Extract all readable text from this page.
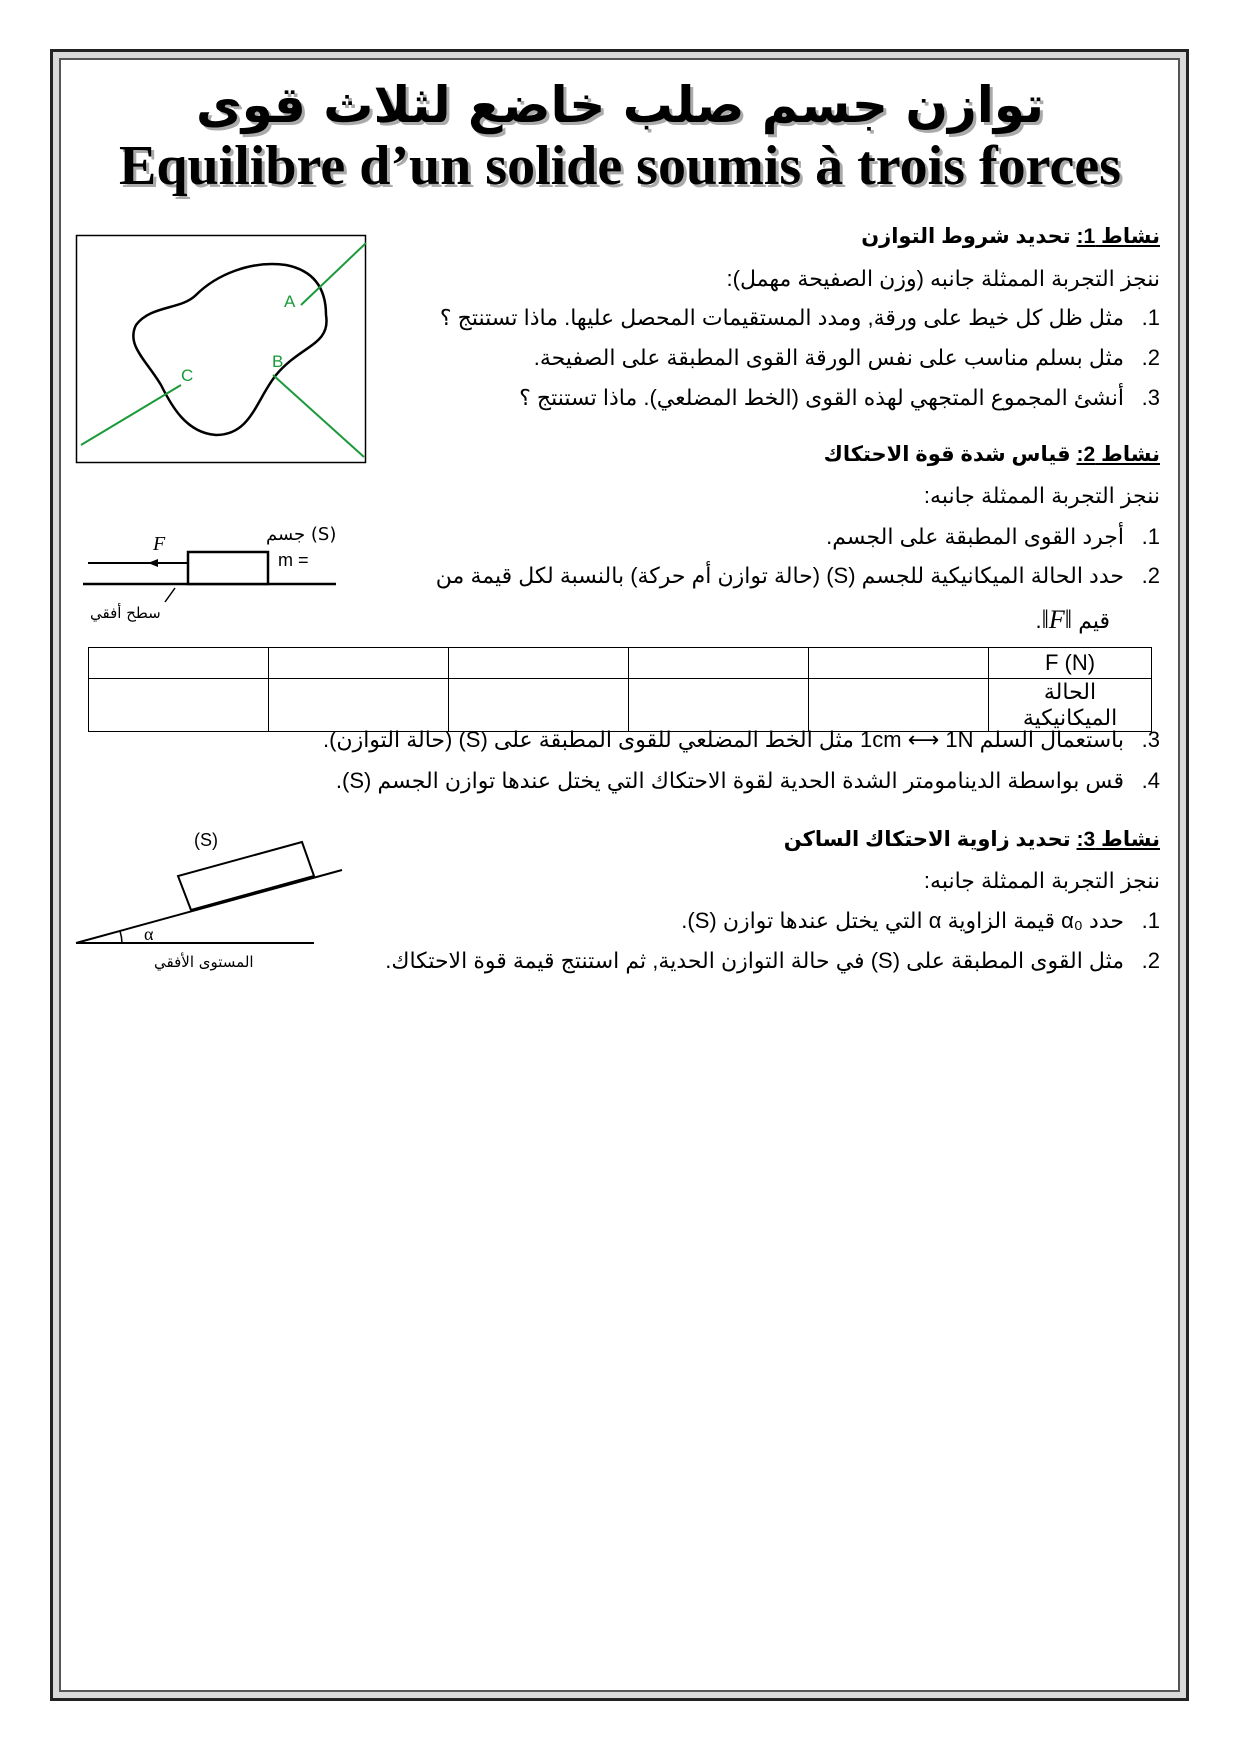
توازن جسم صلب خاضع لثلاث قوى
Equilibre d’un solide soumis à trois forces
نشاط 1: تحديد شروط التوازن
ننجز التجربة الممثلة جانبه (وزن الصفيحة مهمل):
1.مثل ظل كل خيط على ورقة, ومدد المستقيمات المحصل عليها. ماذا تستنتج ؟
2.مثل بسلم مناسب على نفس الورقة القوى المطبقة على الصفيحة.
3.أنشئ المجموع المتجهي لهذه القوى (الخط المضلعي). ماذا تستنتج ؟
A
B
C
نشاط 2: قياس شدة قوة الاحتكاك
ننجز التجربة الممثلة جانبه:
1.أجرد القوى المطبقة على الجسم.
2.حدد الحالة الميكانيكية للجسم (S) (حالة توازن أم حركة) بالنسبة لكل قيمة من
قيم ‖F‖.
F	جسم (S)
m =
سطح أفقي
					F (N)
					الحالة الميكانيكية
3.باستعمال السلم 1cm ⟷ 1N مثل الخط المضلعي للقوى المطبقة على (S) (حالة التوازن).
4.قس بواسطة الدينامومتر الشدة الحدية لقوة الاحتكاك التي يختل عندها توازن الجسم (S).
نشاط 3: تحديد زاوية الاحتكاك الساكن
ننجز التجربة الممثلة جانبه:
1.حدد α₀ قيمة الزاوية α التي يختل عندها توازن (S).
2.مثل القوى المطبقة على (S) في حالة التوازن الحدية, ثم استنتج قيمة قوة الاحتكاك.
(S)
α
المستوى الأفقي
